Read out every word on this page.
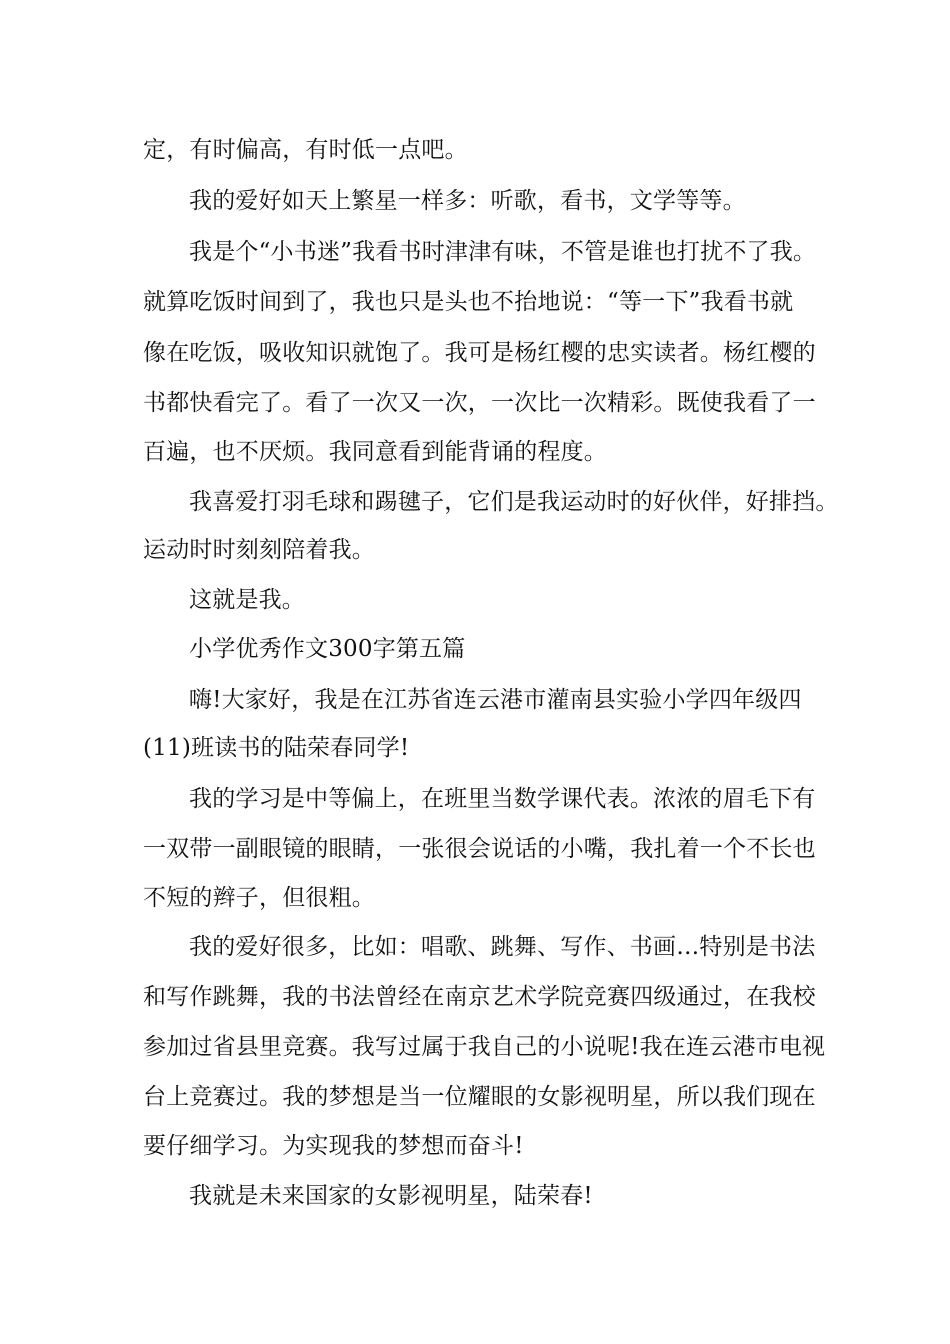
定，有时偏高，有时低一点吧。
我的爱好如天上繁星一样多：听歌，看书，文学等等。
我是个“小书迷”我看书时津津有味，不管是谁也打扰不了我。
就算吃饭时间到了，我也只是头也不抬地说：“等一下”我看书就
像在吃饭，吸收知识就饱了。我可是杨红樱的忠实读者。杨红樱的
书都快看完了。看了一次又一次，一次比一次精彩。既使我看了一
百遍，也不厌烦。我同意看到能背诵的程度。
我喜爱打羽毛球和踢毽子，它们是我运动时的好伙伴，好排挡。
运动时时刻刻陪着我。
这就是我。
小学优秀作文300字第五篇
嗨!大家好，我是在江苏省连云港市灌南县实验小学四年级四
(11)班读书的陆荣春同学!
我的学习是中等偏上，在班里当数学课代表。浓浓的眉毛下有
一双带一副眼镜的眼睛，一张很会说话的小嘴，我扎着一个不长也
不短的辫子，但很粗。
我的爱好很多，比如：唱歌、跳舞、写作、书画…特别是书法
和写作跳舞，我的书法曾经在南京艺术学院竞赛四级通过，在我校
参加过省县里竞赛。我写过属于我自己的小说呢!我在连云港市电视
台上竞赛过。我的梦想是当一位耀眼的女影视明星，所以我们现在
要仔细学习。为实现我的梦想而奋斗!
我就是未来国家的女影视明星，陆荣春!
